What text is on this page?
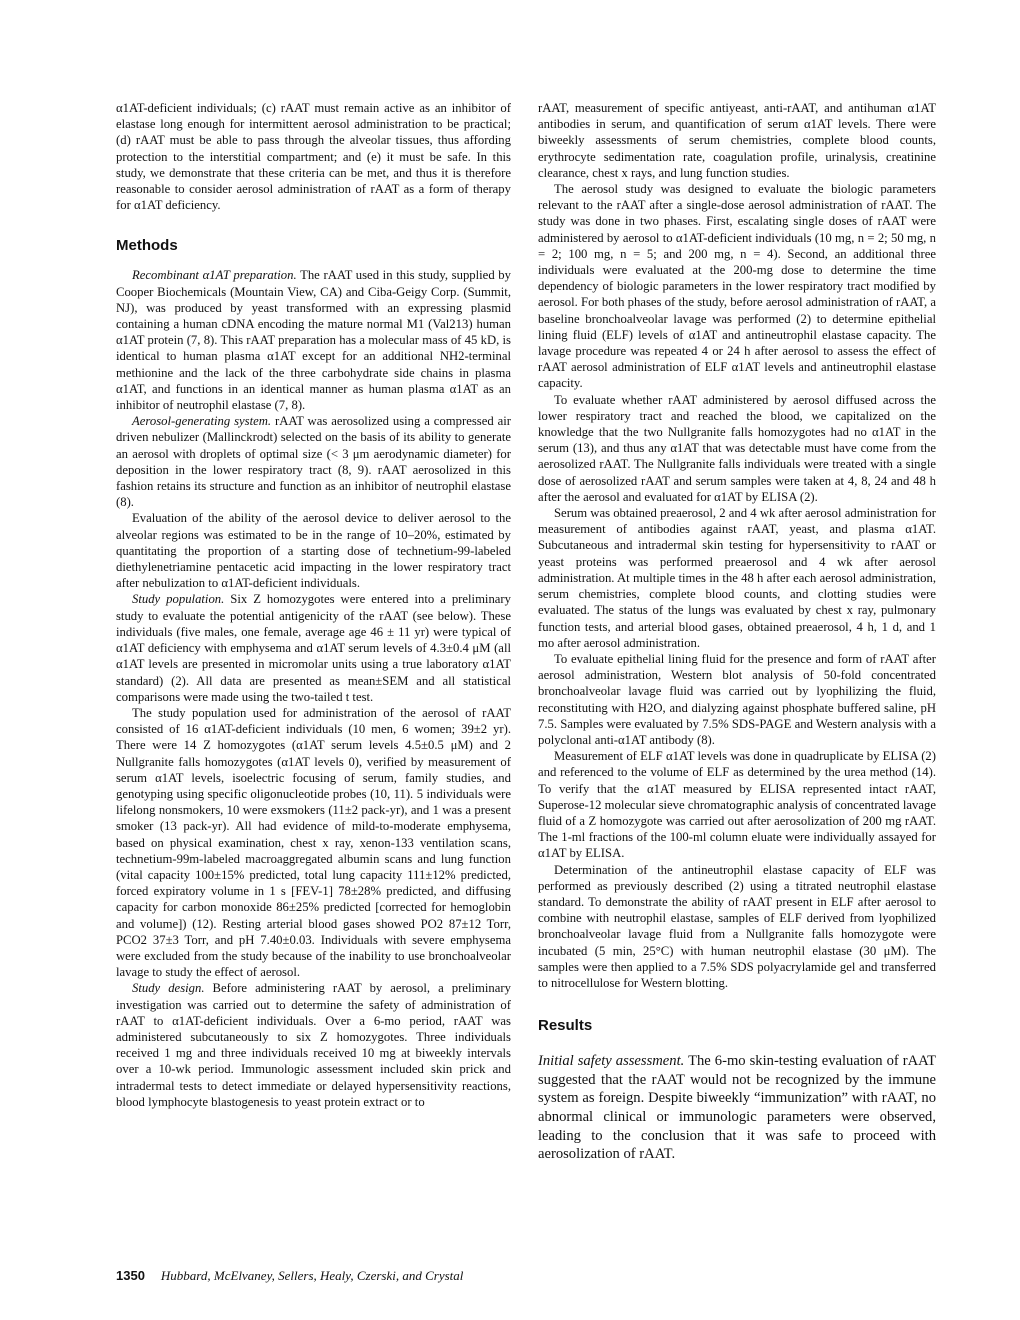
α1AT-deficient individuals; (c) rAAT must remain active as an inhibitor of elastase long enough for intermittent aerosol administration to be practical; (d) rAAT must be able to pass through the alveolar tissues, thus affording protection to the interstitial compartment; and (e) it must be safe. In this study, we demonstrate that these criteria can be met, and thus it is therefore reasonable to consider aerosol administration of rAAT as a form of therapy for α1AT deficiency.

Methods

Recombinant α1AT preparation. The rAAT used in this study, supplied by Cooper Biochemicals (Mountain View, CA) and Ciba-Geigy Corp. (Summit, NJ), was produced by yeast transformed with an expressing plasmid containing a human cDNA encoding the mature normal M1 (Val213) human α1AT protein (7, 8). This rAAT preparation has a molecular mass of 45 kD, is identical to human plasma α1AT except for an additional NH2-terminal methionine and the lack of the three carbohydrate side chains in plasma α1AT, and functions in an identical manner as human plasma α1AT as an inhibitor of neutrophil elastase (7, 8).

Aerosol-generating system. rAAT was aerosolized using a compressed air driven nebulizer (Mallinckrodt) selected on the basis of its ability to generate an aerosol with droplets of optimal size (< 3 μm aerodynamic diameter) for deposition in the lower respiratory tract (8, 9). rAAT aerosolized in this fashion retains its structure and function as an inhibitor of neutrophil elastase (8).

Evaluation of the ability of the aerosol device to deliver aerosol to the alveolar regions was estimated to be in the range of 10–20%, estimated by quantitating the proportion of a starting dose of technetium-99-labeled diethylenetriamine pentacetic acid impacting in the lower respiratory tract after nebulization to α1AT-deficient individuals.

Study population. Six Z homozygotes were entered into a preliminary study to evaluate the potential antigenicity of the rAAT (see below). These individuals (five males, one female, average age 46 ± 11 yr) were typical of α1AT deficiency with emphysema and α1AT serum levels of 4.3±0.4 μM (all α1AT levels are presented in micromolar units using a true laboratory α1AT standard) (2). All data are presented as mean±SEM and all statistical comparisons were made using the two-tailed t test.

The study population used for administration of the aerosol of rAAT consisted of 16 α1AT-deficient individuals (10 men, 6 women; 39±2 yr). There were 14 Z homozygotes (α1AT serum levels 4.5±0.5 μM) and 2 Nullgranite falls homozygotes (α1AT levels 0), verified by measurement of serum α1AT levels, isoelectric focusing of serum, family studies, and genotyping using specific oligonucleotide probes (10, 11). 5 individuals were lifelong nonsmokers, 10 were exsmokers (11±2 pack-yr), and 1 was a present smoker (13 pack-yr). All had evidence of mild-to-moderate emphysema, based on physical examination, chest x ray, xenon-133 ventilation scans, technetium-99m-labeled macroaggregated albumin scans and lung function (vital capacity 100±15% predicted, total lung capacity 111±12% predicted, forced expiratory volume in 1 s [FEV-1] 78±28% predicted, and diffusing capacity for carbon monoxide 86±25% predicted [corrected for hemoglobin and volume]) (12). Resting arterial blood gases showed PO2 87±12 Torr, PCO2 37±3 Torr, and pH 7.40±0.03. Individuals with severe emphysema were excluded from the study because of the inability to use bronchoalveolar lavage to study the effect of aerosol.

Study design. Before administering rAAT by aerosol, a preliminary investigation was carried out to determine the safety of administration of rAAT to α1AT-deficient individuals. Over a 6-mo period, rAAT was administered subcutaneously to six Z homozygotes. Three individuals received 1 mg and three individuals received 10 mg at biweekly intervals over a 10-wk period. Immunologic assessment included skin prick and intradermal tests to detect immediate or delayed hypersensitivity reactions, blood lymphocyte blastogenesis to yeast protein extract or to

rAAT, measurement of specific antiyeast, anti-rAAT, and antihuman α1AT antibodies in serum, and quantification of serum α1AT levels. There were biweekly assessments of serum chemistries, complete blood counts, erythrocyte sedimentation rate, coagulation profile, urinalysis, creatinine clearance, chest x rays, and lung function studies.

The aerosol study was designed to evaluate the biologic parameters relevant to the rAAT after a single-dose aerosol administration of rAAT. The study was done in two phases. First, escalating single doses of rAAT were administered by aerosol to α1AT-deficient individuals (10 mg, n = 2; 50 mg, n = 2; 100 mg, n = 5; and 200 mg, n = 4). Second, an additional three individuals were evaluated at the 200-mg dose to determine the time dependency of biologic parameters in the lower respiratory tract modified by aerosol. For both phases of the study, before aerosol administration of rAAT, a baseline bronchoalveolar lavage was performed (2) to determine epithelial lining fluid (ELF) levels of α1AT and antineutrophil elastase capacity. The lavage procedure was repeated 4 or 24 h after aerosol to assess the effect of rAAT aerosol administration of ELF α1AT levels and antineutrophil elastase capacity.

To evaluate whether rAAT administered by aerosol diffused across the lower respiratory tract and reached the blood, we capitalized on the knowledge that the two Nullgranite falls homozygotes had no α1AT in the serum (13), and thus any α1AT that was detectable must have come from the aerosolized rAAT. The Nullgranite falls individuals were treated with a single dose of aerosolized rAAT and serum samples were taken at 4, 8, 24 and 48 h after the aerosol and evaluated for α1AT by ELISA (2).

Serum was obtained preaerosol, 2 and 4 wk after aerosol administration for measurement of antibodies against rAAT, yeast, and plasma α1AT. Subcutaneous and intradermal skin testing for hypersensitivity to rAAT or yeast proteins was performed preaerosol and 4 wk after aerosol administration. At multiple times in the 48 h after each aerosol administration, serum chemistries, complete blood counts, and clotting studies were evaluated. The status of the lungs was evaluated by chest x ray, pulmonary function tests, and arterial blood gases, obtained preaerosol, 4 h, 1 d, and 1 mo after aerosol administration.

To evaluate epithelial lining fluid for the presence and form of rAAT after aerosol administration, Western blot analysis of 50-fold concentrated bronchoalveolar lavage fluid was carried out by lyophilizing the fluid, reconstituting with H2O, and dialyzing against phosphate buffered saline, pH 7.5. Samples were evaluated by 7.5% SDS-PAGE and Western analysis with a polyclonal anti-α1AT antibody (8).

Measurement of ELF α1AT levels was done in quadruplicate by ELISA (2) and referenced to the volume of ELF as determined by the urea method (14). To verify that the α1AT measured by ELISA represented intact rAAT, Superose-12 molecular sieve chromatographic analysis of concentrated lavage fluid of a Z homozygote was carried out after aerosolization of 200 mg rAAT. The 1-ml fractions of the 100-ml column eluate were individually assayed for α1AT by ELISA.

Determination of the antineutrophil elastase capacity of ELF was performed as previously described (2) using a titrated neutrophil elastase standard. To demonstrate the ability of rAAT present in ELF after aerosol to combine with neutrophil elastase, samples of ELF derived from lyophilized bronchoalveolar lavage fluid from a Nullgranite falls homozygote were incubated (5 min, 25°C) with human neutrophil elastase (30 μM). The samples were then applied to a 7.5% SDS polyacrylamide gel and transferred to nitrocellulose for Western blotting.

Results

Initial safety assessment. The 6-mo skin-testing evaluation of rAAT suggested that the rAAT would not be recognized by the immune system as foreign. Despite biweekly “immunization” with rAAT, no abnormal clinical or immunologic parameters were observed, leading to the conclusion that it was safe to proceed with aerosolization of rAAT.

1350 Hubbard, McElvaney, Sellers, Healy, Czerski, and Crystal
